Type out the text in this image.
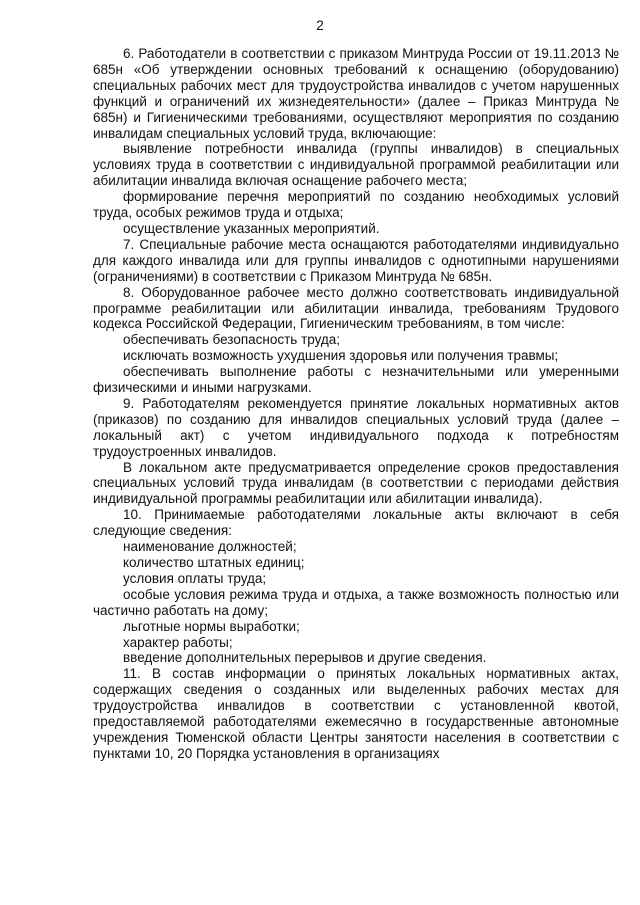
2

6. Работодатели в соответствии с приказом Минтруда России от 19.11.2013 № 685н «Об утверждении основных требований к оснащению (оборудованию) специальных рабочих мест для трудоустройства инвалидов с учетом нарушенных функций и ограничений их жизнедеятельности» (далее – Приказ Минтруда № 685н) и Гигиеническими требованиями, осуществляют мероприятия по созданию инвалидам специальных условий труда, включающие:

выявление потребности инвалида (группы инвалидов) в специальных условиях труда в соответствии с индивидуальной программой реабилитации или абилитации инвалида включая оснащение рабочего места;

формирование перечня мероприятий по созданию необходимых условий труда, особых режимов труда и отдыха;

осуществление указанных мероприятий.

7. Специальные рабочие места оснащаются работодателями индивидуально для каждого инвалида или для группы инвалидов с однотипными нарушениями (ограничениями) в соответствии с Приказом Минтруда № 685н.

8. Оборудованное рабочее место должно соответствовать индивидуальной программе реабилитации или абилитации инвалида, требованиям Трудового кодекса Российской Федерации, Гигиеническим требованиям, в том числе:

обеспечивать безопасность труда;

исключать возможность ухудшения здоровья или получения травмы;

обеспечивать выполнение работы с незначительными или умеренными физическими и иными нагрузками.

9. Работодателям рекомендуется принятие локальных нормативных актов (приказов) по созданию для инвалидов специальных условий труда (далее – локальный акт) с учетом индивидуального подхода к потребностям трудоустроенных инвалидов.

В локальном акте предусматривается определение сроков предоставления специальных условий труда инвалидам (в соответствии с периодами действия индивидуальной программы реабилитации или абилитации инвалида).

10. Принимаемые работодателями локальные акты включают в себя следующие сведения:

наименование должностей;

количество штатных единиц;

условия оплаты труда;

особые условия режима труда и отдыха, а также возможность полностью или частично работать на дому;

льготные нормы выработки;

характер работы;

введение дополнительных перерывов и другие сведения.

11. В состав информации о принятых локальных нормативных актах, содержащих сведения о созданных или выделенных рабочих местах для трудоустройства инвалидов в соответствии с установленной квотой, предоставляемой работодателями ежемесячно в государственные автономные учреждения Тюменской области Центры занятости населения в соответствии с пунктами 10, 20 Порядка установления в организациях
